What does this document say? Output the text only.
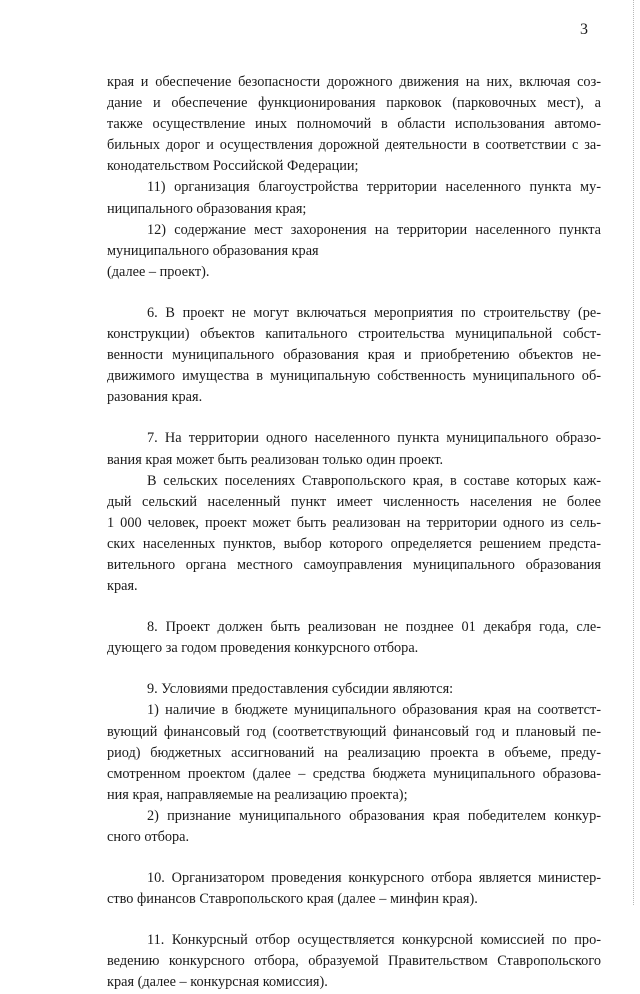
3

края и обеспечение безопасности дорожного движения на них, включая соз-
дание и обеспечение функционирования парковок (парковочных мест), а
также осуществление иных полномочий в области использования автомо-
бильных дорог и осуществления дорожной деятельности в соответствии с за-
конодательством Российской Федерации;

11) организация благоустройства территории населенного пункта му-
ниципального образования края;

12) содержание мест захоронения на территории населенного пункта
муниципального образования края

(далее – проект).

6. В проект не могут включаться мероприятия по строительству (ре-
конструкции) объектов капитального строительства муниципальной собст-
венности муниципального образования края и приобретению объектов не-
движимого имущества в муниципальную собственность муниципального об-
разования края.

7. На территории одного населенного пункта муниципального образо-
вания края может быть реализован только один проект.

В сельских поселениях Ставропольского края, в составе которых каж-
дый сельский населенный пункт имеет численность населения не более
1 000 человек, проект может быть реализован на территории одного из сель-
ских населенных пунктов, выбор которого определяется решением предста-
вительного органа местного самоуправления муниципального образования
края.

8. Проект должен быть реализован не позднее 01 декабря года, сле-
дующего за годом проведения конкурсного отбора.

9. Условиями предоставления субсидии являются:

1) наличие в бюджете муниципального образования края на соответст-
вующий финансовый год (соответствующий финансовый год и плановый пе-
риод) бюджетных ассигнований на реализацию проекта в объеме, преду-
смотренном проектом (далее – средства бюджета муниципального образова-
ния края, направляемые на реализацию проекта);

2) признание муниципального образования края победителем конкур-
сного отбора.

10. Организатором проведения конкурсного отбора является министер-
ство финансов Ставропольского края (далее – минфин края).

11. Конкурсный отбор осуществляется конкурсной комиссией по про-
ведению конкурсного отбора, образуемой Правительством Ставропольского
края (далее – конкурсная комиссия).
